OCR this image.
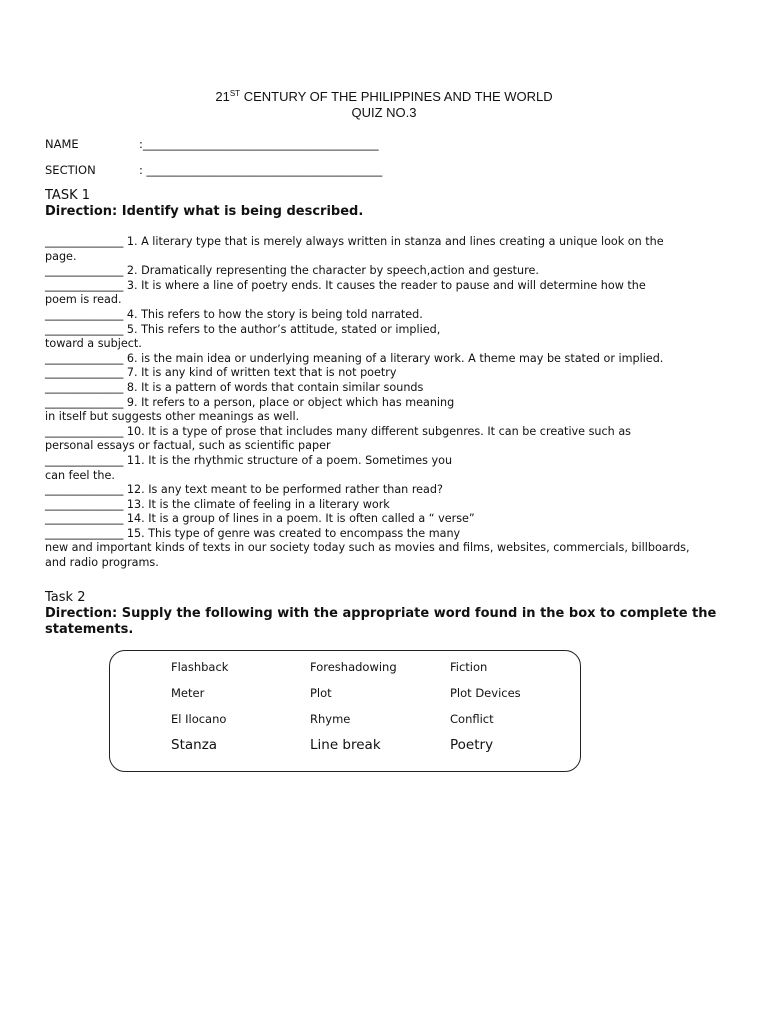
21ST CENTURY OF THE PHILIPPINES AND THE WORLD
QUIZ NO.3
NAME	:_________________________________________
SECTION	: _________________________________________
TASK 1
Direction: Identify what is being described.
______________ 1. A literary type that is merely always written in stanza and lines creating a unique look on the
page.
______________ 2. Dramatically representing the character by speech,action and gesture.
______________ 3. It is where a line of poetry ends. It causes the reader to pause and will determine how the
poem is read.
______________ 4. This refers to how the story is being told narrated.
______________ 5. This refers to the author’s attitude, stated or implied,
toward a subject.
______________ 6. is the main idea or underlying meaning of a literary work. A theme may be stated or implied.
______________ 7. It is any kind of written text that is not poetry
______________ 8. It is a pattern of words that contain similar sounds
______________ 9. It refers to a person, place or object which has meaning
in itself but suggests other meanings as well.
______________ 10. It is a type of prose that includes many different subgenres. It can be creative such as
personal essays or factual, such as scientific paper
______________ 11. It is the rhythmic structure of a poem. Sometimes you
can feel the.
______________ 12. Is any text meant to be performed rather than read?
______________ 13. It is the climate of feeling in a literary work
______________ 14. It is a group of lines in a poem. It is often called a “ verse”
______________ 15. This type of genre was created to encompass the many
new and important kinds of texts in our society today such as movies and films, websites, commercials, billboards,
and radio programs.
Task 2
Direction: Supply the following with the appropriate word found in the box to complete the statements.
Flashback	Foreshadowing	Fiction
Meter	Plot	Plot Devices
El Ilocano	Rhyme	Conflict
Stanza	Line break	Poetry
